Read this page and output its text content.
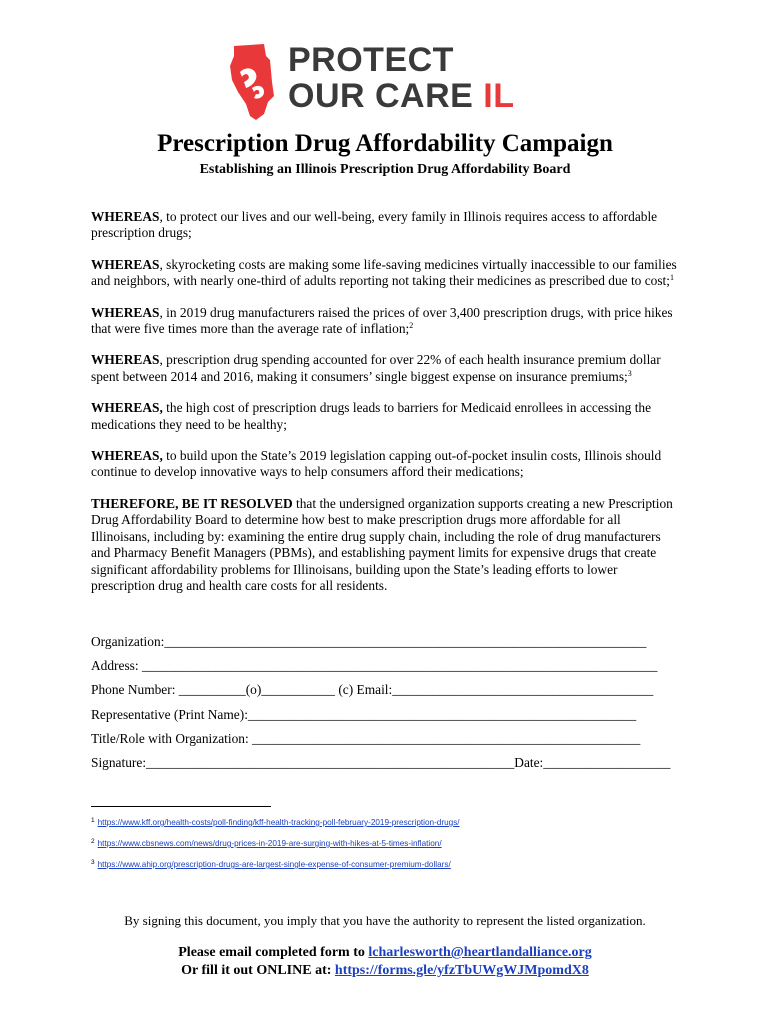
PROTECT
OUR CARE IL
Prescription Drug Affordability Campaign
Establishing an Illinois Prescription Drug Affordability Board
WHEREAS, to protect our lives and our well-being, every family in Illinois requires access to affordable prescription drugs;
WHEREAS, skyrocketing costs are making some life-saving medicines virtually inaccessible to our families and neighbors, with nearly one-third of adults reporting not taking their medicines as prescribed due to cost;$^1$
WHEREAS, in 2019 drug manufacturers raised the prices of over 3,400 prescription drugs, with price hikes that were five times more than the average rate of inflation;$^2$
WHEREAS, prescription drug spending accounted for over 22% of each health insurance premium dollar spent between 2014 and 2016, making it consumers’ single biggest expense on insurance premiums;$^3$
WHEREAS, the high cost of prescription drugs leads to barriers for Medicaid enrollees in accessing the medications they need to be healthy;
WHEREAS, to build upon the State’s 2019 legislation capping out-of-pocket insulin costs, Illinois should continue to develop innovative ways to help consumers afford their medications;
THEREFORE, BE IT RESOLVED that the undersigned organization supports creating a new Prescription Drug Affordability Board to determine how best to make prescription drugs more affordable for all Illinoisans, including by: examining the entire drug supply chain, including the role of drug manufacturers and Pharmacy Benefit Managers (PBMs), and establishing payment limits for expensive drugs that create significant affordability problems for Illinoisans, building upon the State’s leading efforts to lower prescription drug and health care costs for all residents.
Organization:________________________________________________________________________
Address: _____________________________________________________________________________
Phone Number: __________(o)___________ (c) Email:_______________________________________
Representative (Print Name):__________________________________________________________
Title/Role with Organization: __________________________________________________________
Signature:_______________________________________________________Date:___________________
$^1$ https://www.kff.org/health-costs/poll-finding/kff-health-tracking-poll-february-2019-prescription-drugs/
$^2$ https://www.cbsnews.com/news/drug-prices-in-2019-are-surging-with-hikes-at-5-times-inflation/
$^3$ https://www.ahip.org/prescription-drugs-are-largest-single-expense-of-consumer-premium-dollars/
By signing this document, you imply that you have the authority to represent the listed organization.
Please email completed form to lcharlesworth@heartlandalliance.org
Or fill it out ONLINE at: https://forms.gle/yfzTbUWgWJMpomdX8
